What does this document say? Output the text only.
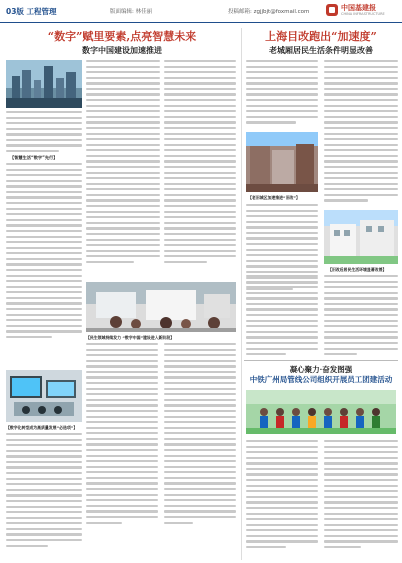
03版 工程管理	版面编辑: 林佳丽	投稿邮箱: zgjjbjt@foxmail.com	中国基建报
CHINA INFRASTRUCTURE
“数字”赋里要素,点亮智慧未来
数字中国建设加速推进
【智慧生活“数字”先行】
【数字化转型成为高质量发展“必选项”】
【民生领域持续发力 “数字中国”建设进入新阶段】
上海目改跑出“加速度”
老城厢居民生活条件明显改善
【老旧城区加速推进“旧改”】
【旧改后居民生活环境显著改善】
凝心聚力·奋发图强
中铁广州局管线公司组织开展员工团建活动
